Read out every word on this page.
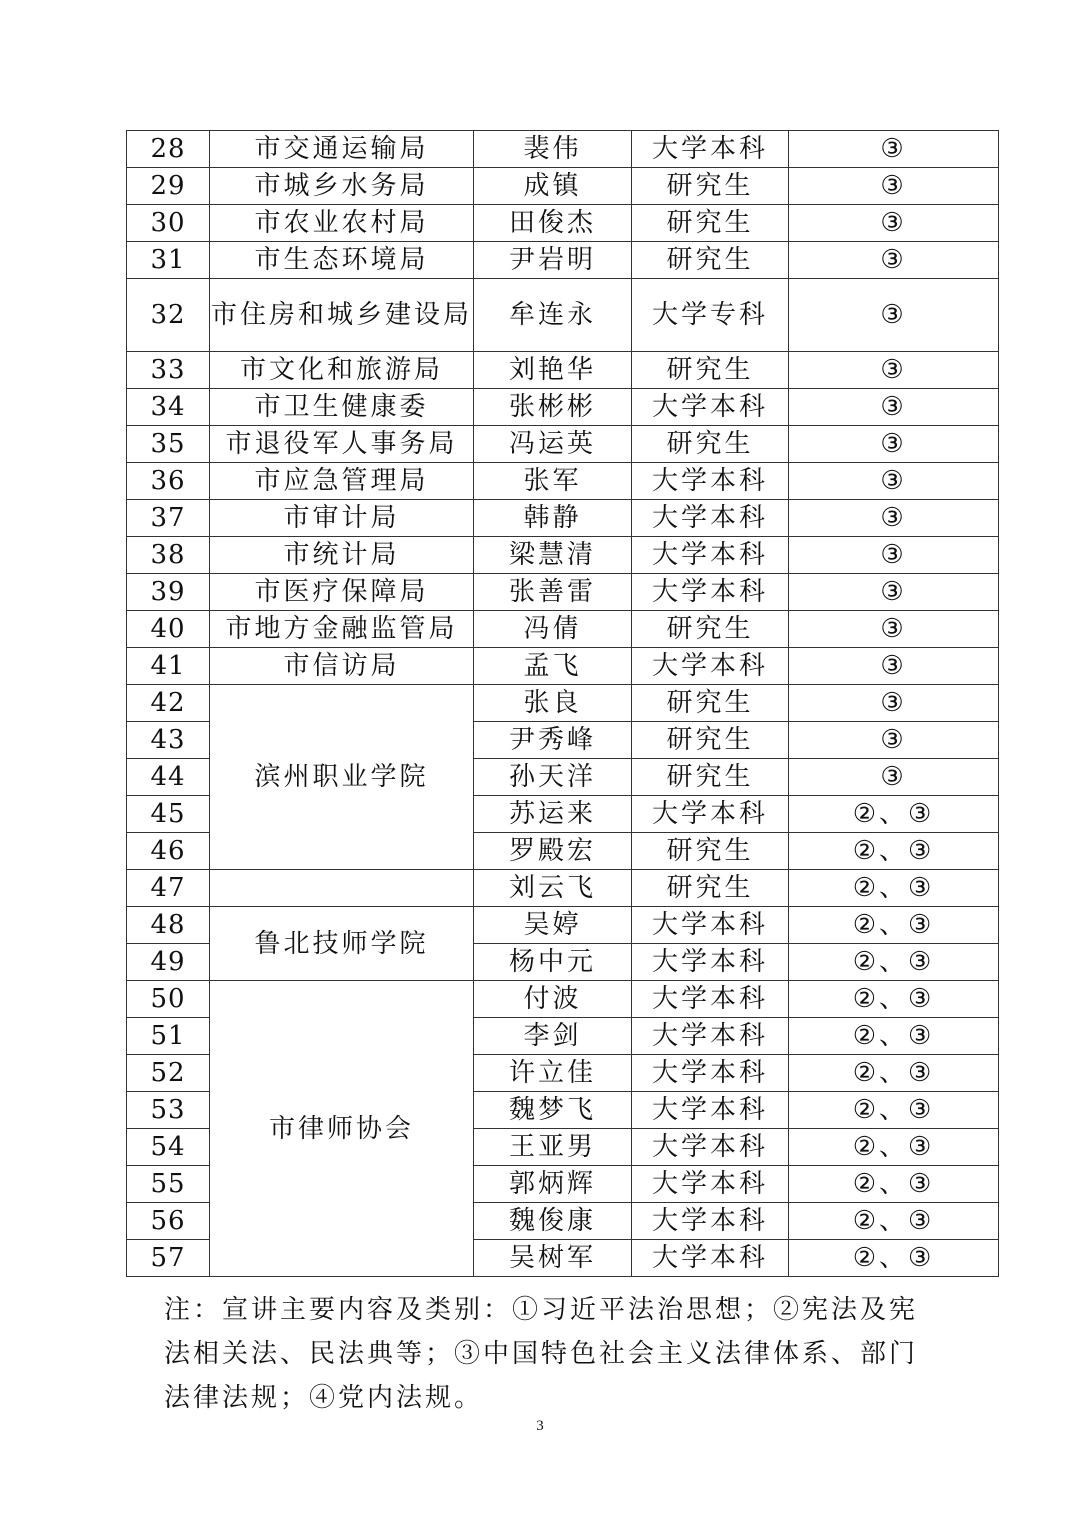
28	市交通运输局	裴伟	大学本科	③
29	市城乡水务局	成镇	研究生	③
30	市农业农村局	田俊杰	研究生	③
31	市生态环境局	尹岩明	研究生	③
32	市住房和城乡建设局	牟连永	大学专科	③
33	市文化和旅游局	刘艳华	研究生	③
34	市卫生健康委	张彬彬	大学本科	③
35	市退役军人事务局	冯运英	研究生	③
36	市应急管理局	张军	大学本科	③
37	市审计局	韩静	大学本科	③
38	市统计局	梁慧清	大学本科	③
39	市医疗保障局	张善雷	大学本科	③
40	市地方金融监管局	冯倩	研究生	③
41	市信访局	孟飞	大学本科	③
42	滨州职业学院	张良	研究生	③
43		尹秀峰	研究生	③
44		孙天洋	研究生	③
45		苏运来	大学本科	②、③
46		罗殿宏	研究生	②、③
47		刘云飞	研究生	②、③
48	鲁北技师学院	吴婷	大学本科	②、③
49		杨中元	大学本科	②、③
50	市律师协会	付波	大学本科	②、③
51		李剑	大学本科	②、③
52		许立佳	大学本科	②、③
53		魏梦飞	大学本科	②、③
54		王亚男	大学本科	②、③
55		郭炳辉	大学本科	②、③
56		魏俊康	大学本科	②、③
57		吴树军	大学本科	②、③
注：宣讲主要内容及类别：①习近平法治思想；②宪法及宪法相关法、民法典等；③中国特色社会主义法律体系、部门法律法规；④党内法规。
3
